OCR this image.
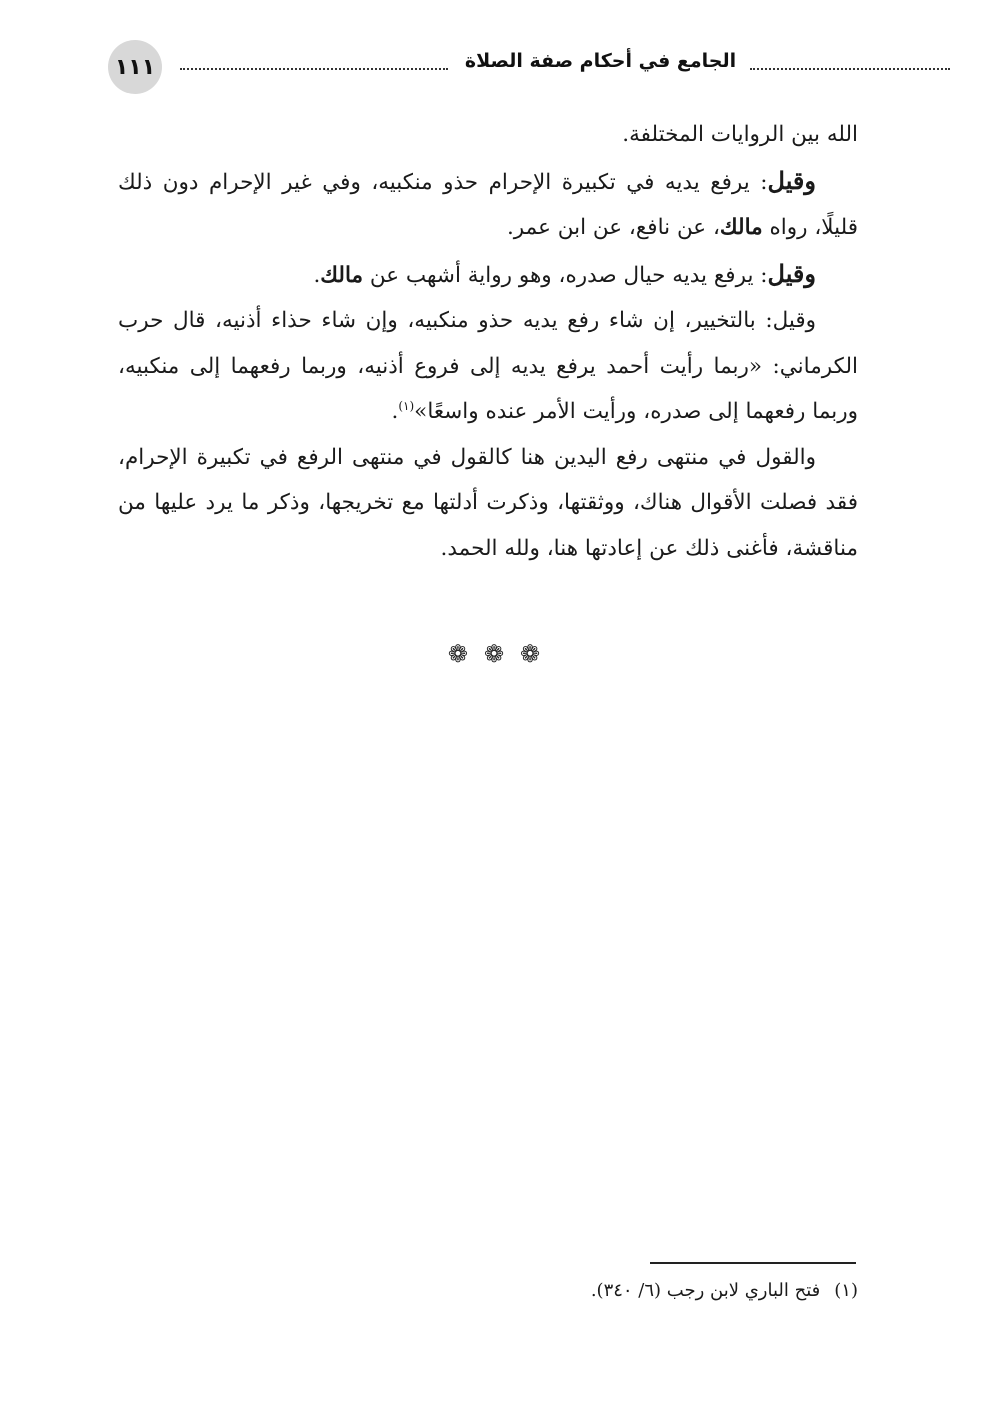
١١١	الجامع في أحكام صفة الصلاة

الله بين الروايات المختلفة.

وقيل: يرفع يديه في تكبيرة الإحرام حذو منكبيه، وفي غير الإحرام دون ذلك قليلًا، رواه مالك، عن نافع، عن ابن عمر.

وقيل: يرفع يديه حيال صدره، وهو رواية أشهب عن مالك.

وقيل: بالتخيير، إن شاء رفع يديه حذو منكبيه، وإن شاء حذاء أذنيه، قال حرب الكرماني: «ربما رأيت أحمد يرفع يديه إلى فروع أذنيه، وربما رفعهما إلى منكبيه، وربما رفعهما إلى صدره، ورأيت الأمر عنده واسعًا»$^{(١)}$.

والقول في منتهى رفع اليدين هنا كالقول في منتهى الرفع في تكبيرة الإحرام، فقد فصلت الأقوال هناك، ووثقتها، وذكرت أدلتها مع تخريجها، وذكر ما يرد عليها من مناقشة، فأغنى ذلك عن إعادتها هنا، ولله الحمد.

❁❁❁
(١)فتح الباري لابن رجب (٦/ ٣٤٠).
